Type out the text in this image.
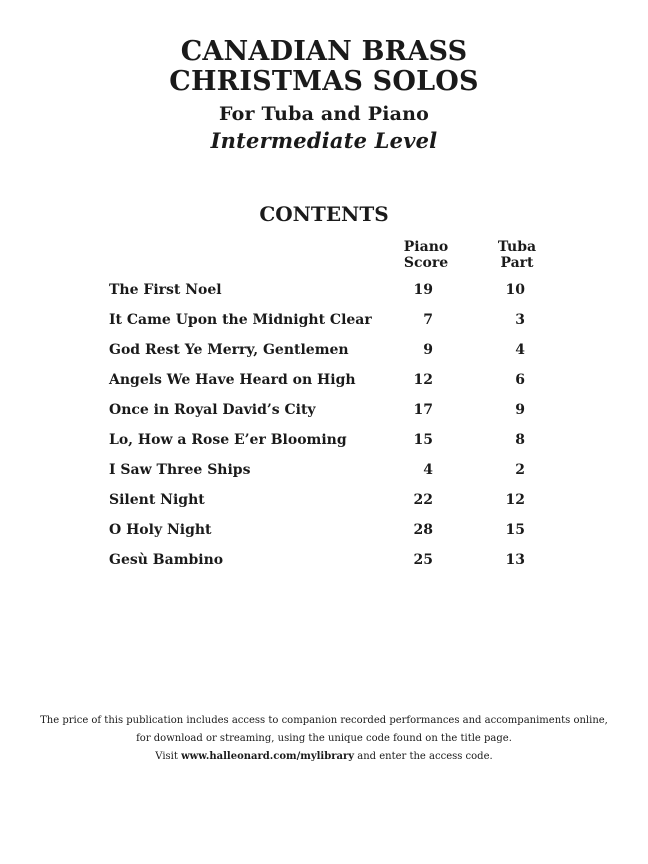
CANADIAN BRASS
CHRISTMAS SOLOS
For Tuba and Piano
Intermediate Level
CONTENTS
Piano
Score
Tuba
Part
The First Noel	19	10
It Came Upon the Midnight Clear	7	3
God Rest Ye Merry, Gentlemen	9	4
Angels We Have Heard on High	12	6
Once in Royal David’s City	17	9
Lo, How a Rose E’er Blooming	15	8
I Saw Three Ships	4	2
Silent Night	22	12
O Holy Night	28	15
Gesù Bambino	25	13

The price of this publication includes access to companion recorded performances and accompaniments online,

for download or streaming, using the unique code found on the title page.

Visit www.halleonard.com/mylibrary and enter the access code.
